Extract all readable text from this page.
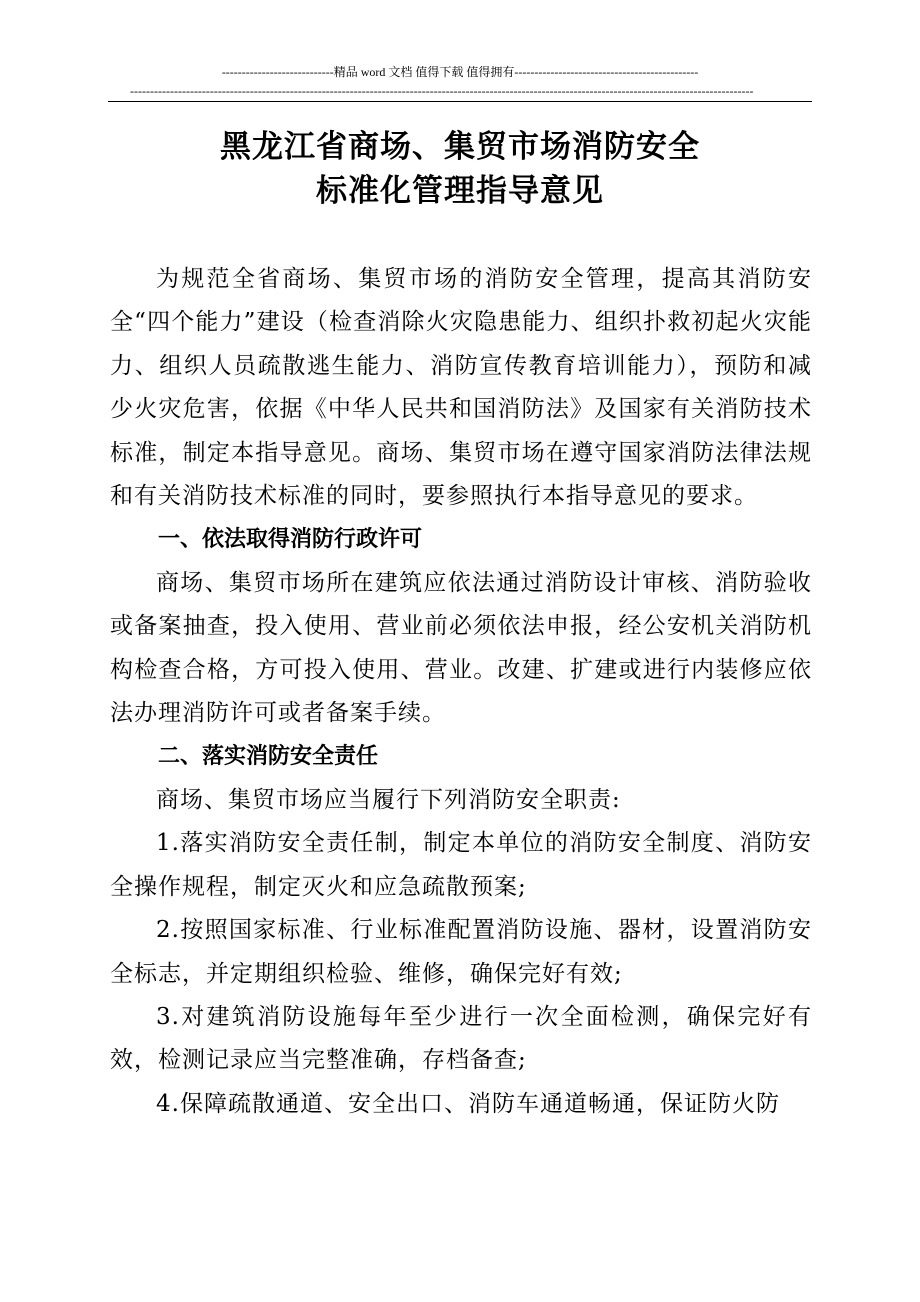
----------------------------精品 word 文档 值得下载 值得拥有----------------------------------------------
------------------------------------------------------------------------------------------------------------------------------------------------------------
黑龙江省商场、集贸市场消防安全
标准化管理指导意见

为规范全省商场、集贸市场的消防安全管理，提高其消防安全“四个能力”建设（检查消除火灾隐患能力、组织扑救初起火灾能力、组织人员疏散逃生能力、消防宣传教育培训能力），预防和减少火灾危害，依据《中华人民共和国消防法》及国家有关消防技术标准，制定本指导意见。商场、集贸市场在遵守国家消防法律法规和有关消防技术标准的同时，要参照执行本指导意见的要求。

一、依法取得消防行政许可

商场、集贸市场所在建筑应依法通过消防设计审核、消防验收或备案抽查，投入使用、营业前必须依法申报，经公安机关消防机构检查合格，方可投入使用、营业。改建、扩建或进行内装修应依法办理消防许可或者备案手续。

二、落实消防安全责任

商场、集贸市场应当履行下列消防安全职责:

1.落实消防安全责任制，制定本单位的消防安全制度、消防安全操作规程，制定灭火和应急疏散预案;

2.按照国家标准、行业标准配置消防设施、器材，设置消防安全标志，并定期组织检验、维修，确保完好有效;

3.对建筑消防设施每年至少进行一次全面检测，确保完好有效，检测记录应当完整准确，存档备查;

4.保障疏散通道、安全出口、消防车通道畅通，保证防火防
